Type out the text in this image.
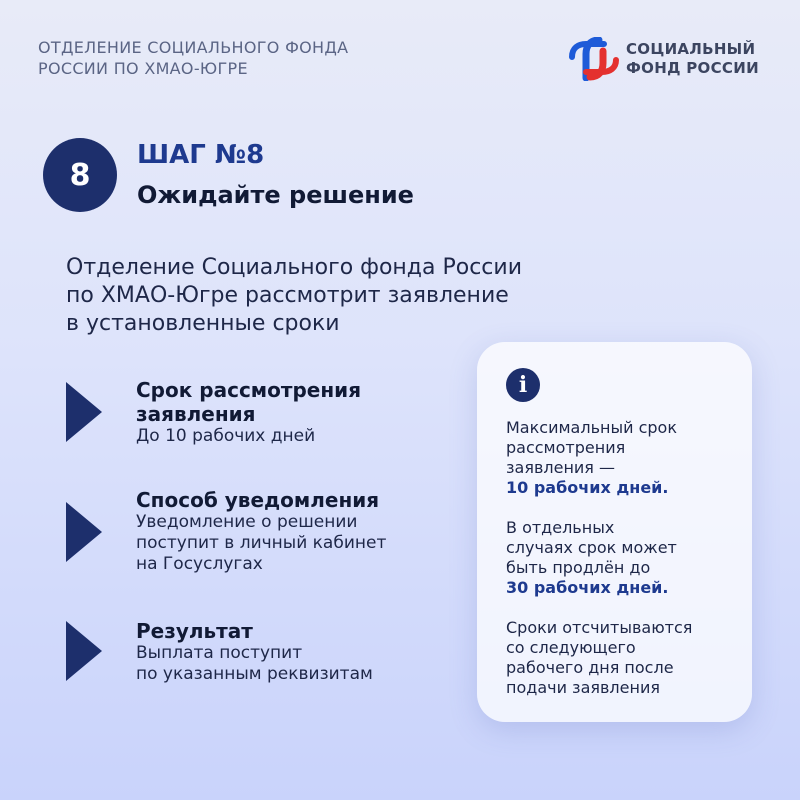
ОТДЕЛЕНИЕ СОЦИАЛЬНОГО ФОНДА
РОССИИ ПО ХМАО-ЮГРЕ
СОЦИАЛЬНЫЙ
ФОНД РОССИИ
8
ШАГ №8
Ожидайте решение
Отделение Социального фонда России
по ХМАО-Югре рассмотрит заявление
в установленные сроки
Срок рассмотрения
заявления
До 10 рабочих дней
Способ уведомления
Уведомление о решении
поступит в личный кабинет
на Госуслугах
Результат
Выплата поступит
по указанным реквизитам
i
Максимальный срок
рассмотрения
заявления —
10 рабочих дней.
В отдельных
случаях срок может
быть продлён до
30 рабочих дней.
Сроки отсчитываются
со следующего
рабочего дня после
подачи заявления
